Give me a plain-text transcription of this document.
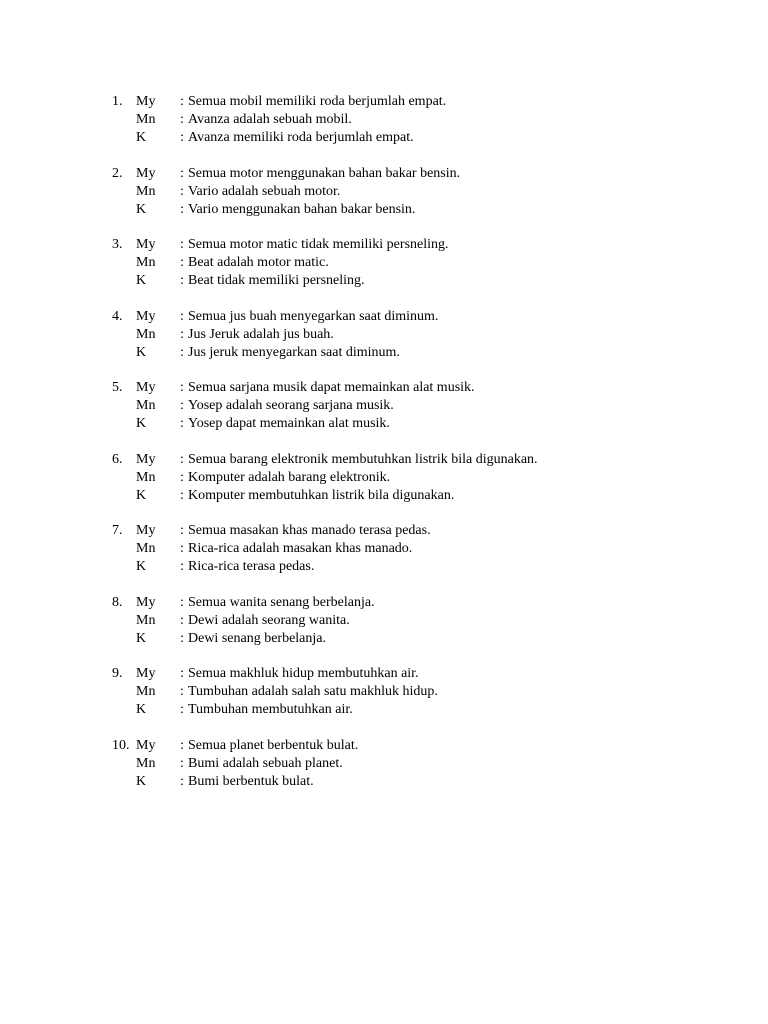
1. My : Semua mobil memiliki roda berjumlah empat.
Mn : Avanza adalah sebuah mobil.
K : Avanza memiliki roda berjumlah empat.
2. My : Semua motor menggunakan bahan bakar bensin.
Mn : Vario adalah sebuah motor.
K : Vario menggunakan bahan bakar bensin.
3. My : Semua motor matic tidak memiliki persneling.
Mn : Beat adalah motor matic.
K : Beat tidak memiliki persneling.
4. My : Semua jus buah menyegarkan saat diminum.
Mn : Jus Jeruk adalah jus buah.
K : Jus jeruk menyegarkan saat diminum.
5. My : Semua sarjana musik dapat memainkan alat musik.
Mn : Yosep adalah seorang sarjana musik.
K : Yosep dapat memainkan alat musik.
6. My : Semua barang elektronik membutuhkan listrik bila digunakan.
Mn : Komputer adalah barang elektronik.
K : Komputer membutuhkan listrik bila digunakan.
7. My : Semua masakan khas manado terasa pedas.
Mn : Rica-rica adalah masakan khas manado.
K : Rica-rica terasa pedas.
8. My : Semua wanita senang berbelanja.
Mn : Dewi adalah seorang wanita.
K : Dewi senang berbelanja.
9. My : Semua makhluk hidup membutuhkan air.
Mn : Tumbuhan adalah salah satu makhluk hidup.
K : Tumbuhan membutuhkan air.
10. My : Semua planet berbentuk bulat.
Mn : Bumi adalah sebuah planet.
K : Bumi berbentuk bulat.
